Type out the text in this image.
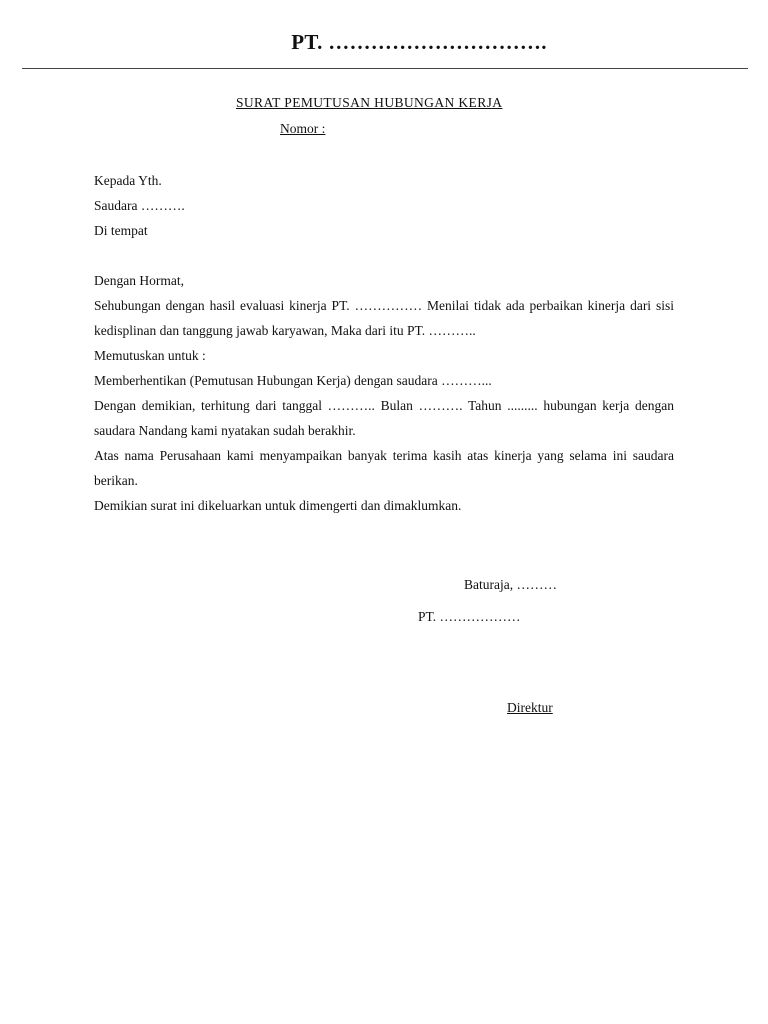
PT. ………………………….
SURAT PEMUTUSAN HUBUNGAN KERJA
Nomor :
Kepada Yth.
Saudara ……….
Di tempat

Dengan Hormat,

Sehubungan dengan hasil evaluasi kinerja PT. …………… Menilai tidak ada perbaikan kinerja dari sisi kedisplinan dan tanggung jawab karyawan, Maka dari itu PT. ………..

Memutuskan untuk :

Memberhentikan (Pemutusan Hubungan Kerja) dengan saudara ………...

Dengan demikian, terhitung dari tanggal ……….. Bulan ………. Tahun ......... hubungan kerja dengan saudara Nandang kami nyatakan sudah berakhir.

Atas nama Perusahaan kami menyampaikan banyak terima kasih atas kinerja yang selama ini saudara berikan.

Demikian surat ini dikeluarkan untuk dimengerti dan dimaklumkan.

Baturaja, ………
PT. ………………
Direktur
